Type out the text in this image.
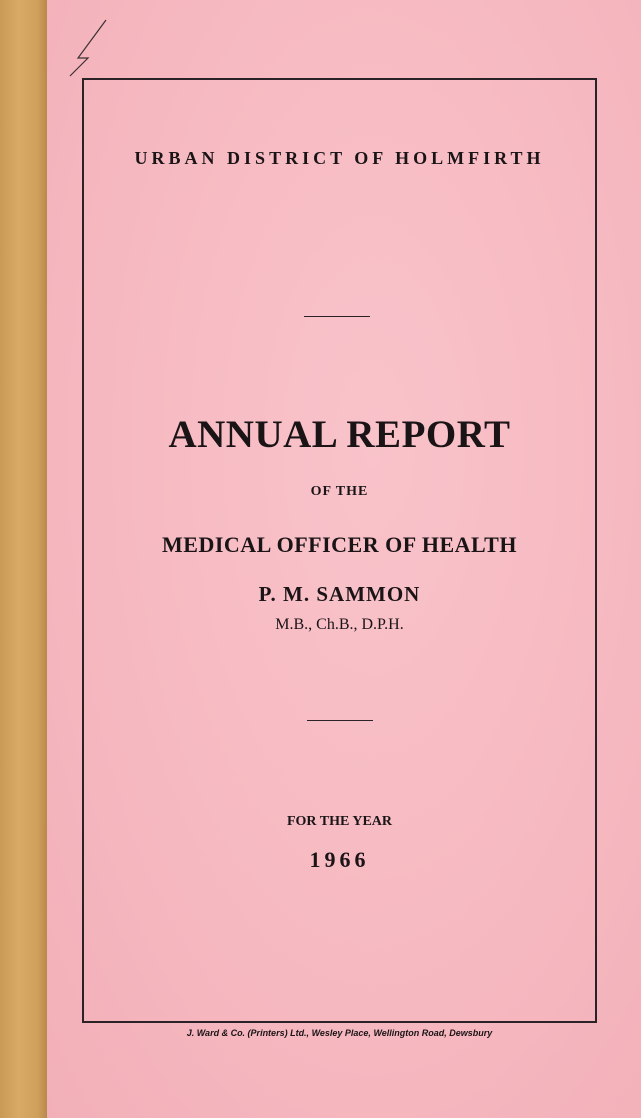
URBAN DISTRICT OF HOLMFIRTH
ANNUAL REPORT
OF THE
MEDICAL OFFICER OF HEALTH
P. M. SAMMON
M.B., Ch.B., D.P.H.
FOR THE YEAR
1966
J. Ward & Co. (Printers) Ltd., Wesley Place, Wellington Road, Dewsbury
